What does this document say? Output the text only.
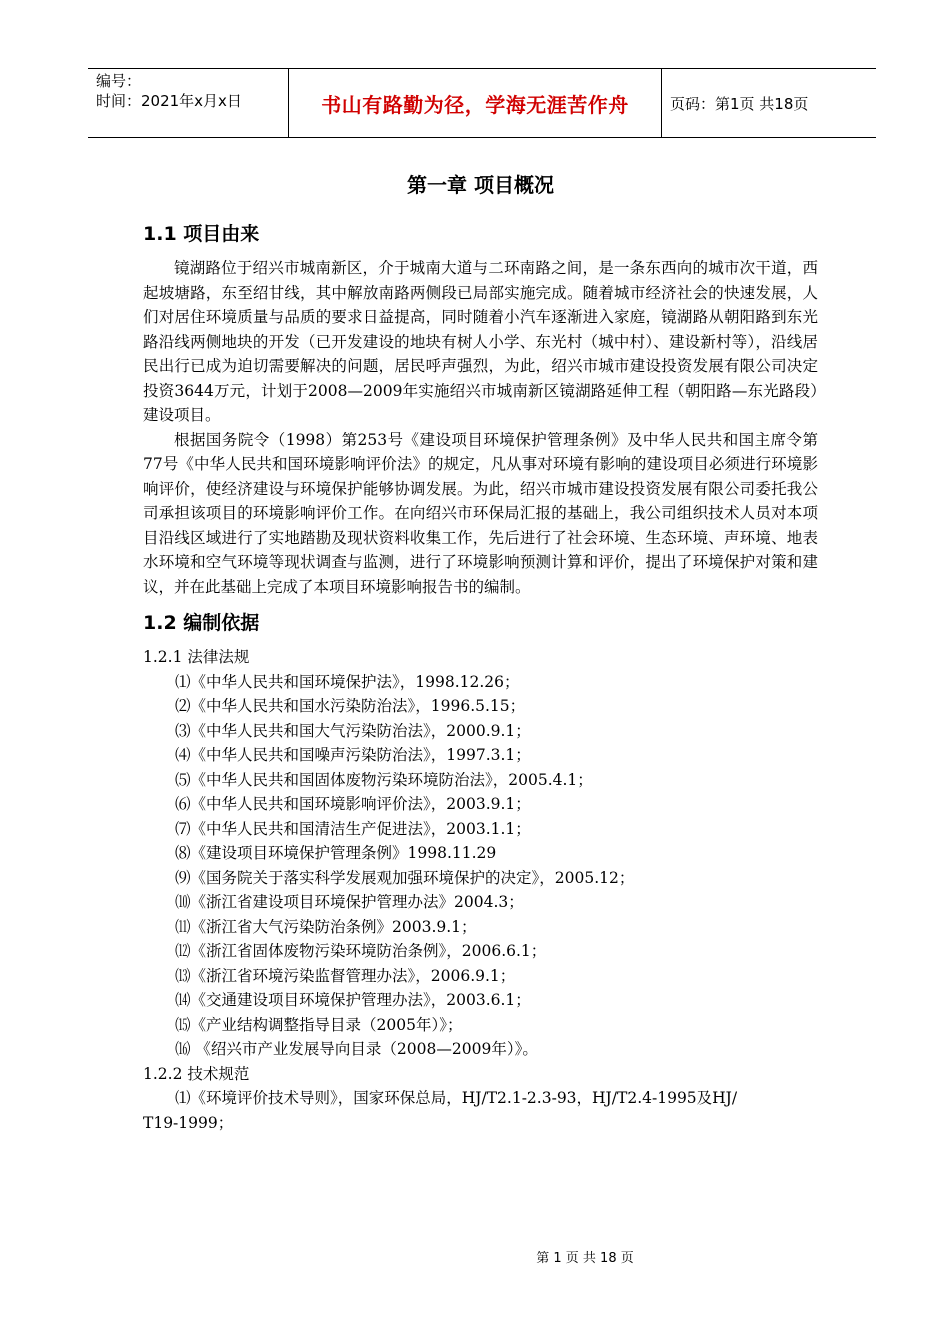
编号：
时间：2021年x月x日	书山有路勤为径，学海无涯苦作舟	页码：第1页 共18页
第一章 项目概况
1.1 项目由来

镜湖路位于绍兴市城南新区，介于城南大道与二环南路之间，是一条东西向的城市次干道，西起坡塘路，东至绍甘线，其中解放南路两侧段已局部实施完成。随着城市经济社会的快速发展，人们对居住环境质量与品质的要求日益提高，同时随着小汽车逐渐进入家庭，镜湖路从朝阳路到东光路沿线两侧地块的开发（已开发建设的地块有树人小学、东光村（城中村）、建设新村等），沿线居民出行已成为迫切需要解决的问题，居民呼声强烈，为此，绍兴市城市建设投资发展有限公司决定投资3644万元，计划于2008—2009年实施绍兴市城南新区镜湖路延伸工程（朝阳路—东光路段）建设项目。

根据国务院令（1998）第253号《建设项目环境保护管理条例》及中华人民共和国主席令第77号《中华人民共和国环境影响评价法》的规定，凡从事对环境有影响的建设项目必须进行环境影响评价，使经济建设与环境保护能够协调发展。为此，绍兴市城市建设投资发展有限公司委托我公司承担该项目的环境影响评价工作。在向绍兴市环保局汇报的基础上，我公司组织技术人员对本项目沿线区域进行了实地踏勘及现状资料收集工作，先后进行了社会环境、生态环境、声环境、地表水环境和空气环境等现状调查与监测，进行了环境影响预测计算和评价，提出了环境保护对策和建议，并在此基础上完成了本项目环境影响报告书的编制。

1.2 编制依据
1.2.1 法律法规
⑴《中华人民共和国环境保护法》，1998.12.26；
⑵《中华人民共和国水污染防治法》，1996.5.15；
⑶《中华人民共和国大气污染防治法》，2000.9.1；
⑷《中华人民共和国噪声污染防治法》，1997.3.1；
⑸《中华人民共和国固体废物污染环境防治法》，2005.4.1；
⑹《中华人民共和国环境影响评价法》，2003.9.1；
⑺《中华人民共和国清洁生产促进法》，2003.1.1；
⑻《建设项目环境保护管理条例》1998.11.29
⑼《国务院关于落实科学发展观加强环境保护的决定》，2005.12；
⑽《浙江省建设项目环境保护管理办法》2004.3；
⑾《浙江省大气污染防治条例》2003.9.1；
⑿《浙江省固体废物污染环境防治条例》，2006.6.1；
⒀《浙江省环境污染监督管理办法》，2006.9.1；
⒁《交通建设项目环境保护管理办法》，2003.6.1；
⒂《产业结构调整指导目录（2005年）》；
⒃ 《绍兴市产业发展导向目录（2008—2009年）》。
1.2.2 技术规范
⑴《环境评价技术导则》，国家环保总局，HJ/T2.1-2.3-93，HJ/T2.4-1995及HJ/
T19-1999；
第 1 页 共 18 页
